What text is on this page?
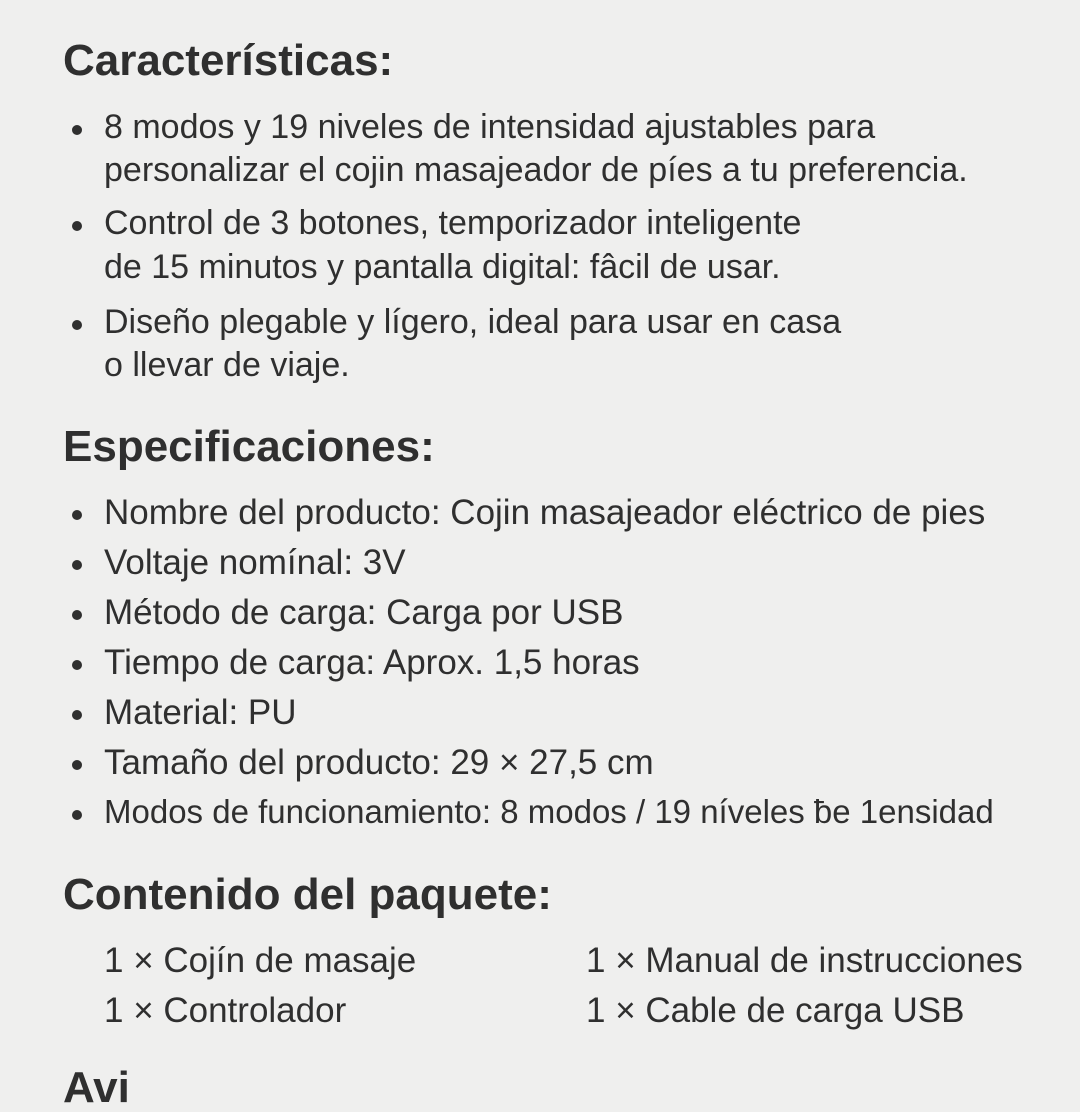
Características:
8 modos y 19 niveles de intensidad ajustables para
personalizar el cojin masajeador de píes a tu preferencia.
Control de 3 botones, temporizador inteligente
de 15 minutos y pantalla digital: fâcil de usar.
Diseño plegable y lígero, ideal para usar en casa
o llevar de viaje.
Especificaciones:
Nombre del producto: Cojin masajeador eléctrico de pies
Voltaje nomínal: 3V
Método de carga: Carga por USB
Tiempo de carga: Aprox. 1,5 horas
Material: PU
Tamaño del producto: 29 × 27,5 cm
Modos de funcionamiento: 8 modos / 19 níveles ƀe 1ensidad
Contenido del paquete:
1 × Cojín de masaje
1 × Controlador
1 × Manual de instrucciones
1 × Cable de carga USB
Avi
